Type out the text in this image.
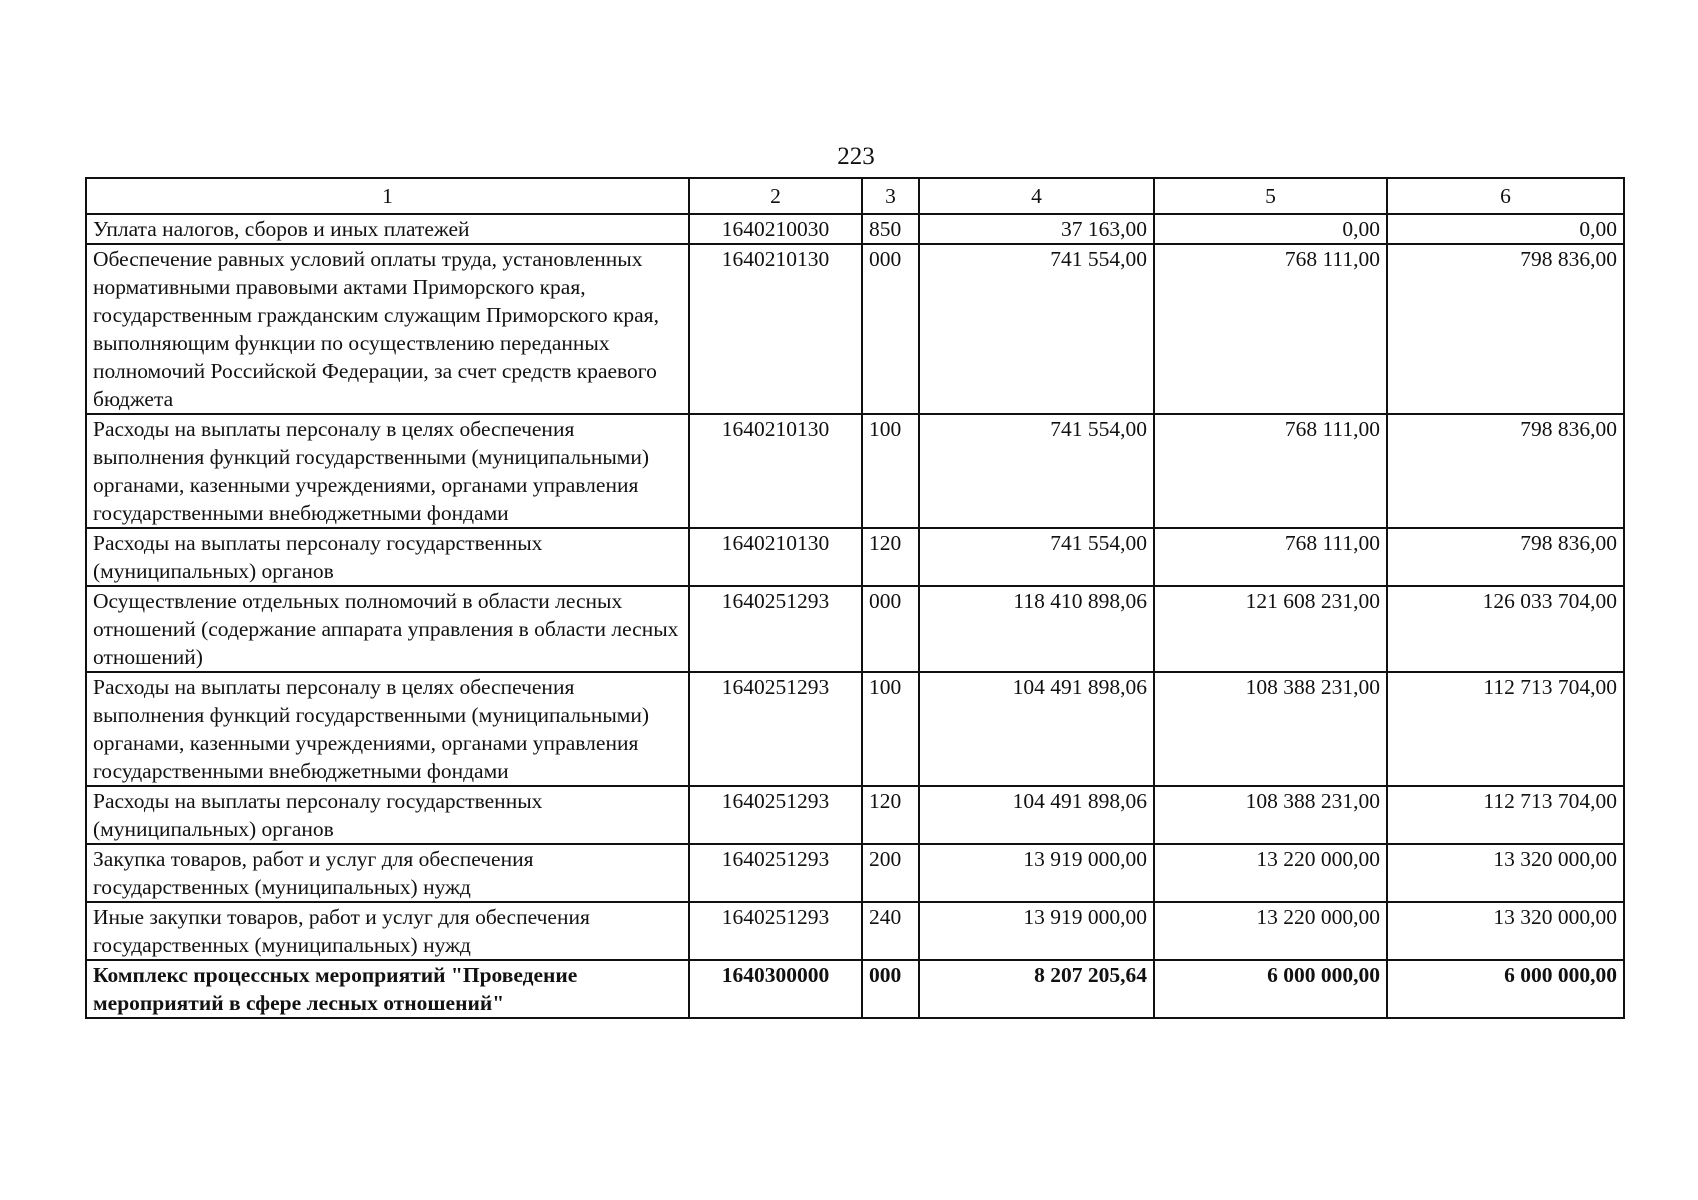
223
1	2	3	4	5	6
Уплата налогов, сборов и иных платежей	1640210030	850	37 163,00	0,00	0,00
Обеспечение равных условий оплаты труда, установленных нормативными правовыми актами Приморского края, государственным гражданским служащим Приморского края, выполняющим функции по осуществлению переданных полномочий Российской Федерации, за счет средств краевого бюджета	1640210130	000	741 554,00	768 111,00	798 836,00
Расходы на выплаты персоналу в целях обеспечения выполнения функций государственными (муниципальными) органами, казенными учреждениями, органами управления государственными внебюджетными фондами	1640210130	100	741 554,00	768 111,00	798 836,00
Расходы на выплаты персоналу государственных (муниципальных) органов	1640210130	120	741 554,00	768 111,00	798 836,00
Осуществление отдельных полномочий в области лесных отношений (содержание аппарата управления в области лесных отношений)	1640251293	000	118 410 898,06	121 608 231,00	126 033 704,00
Расходы на выплаты персоналу в целях обеспечения выполнения функций государственными (муниципальными) органами, казенными учреждениями, органами управления государственными внебюджетными фондами	1640251293	100	104 491 898,06	108 388 231,00	112 713 704,00
Расходы на выплаты персоналу государственных (муниципальных) органов	1640251293	120	104 491 898,06	108 388 231,00	112 713 704,00
Закупка товаров, работ и услуг для обеспечения государственных (муниципальных) нужд	1640251293	200	13 919 000,00	13 220 000,00	13 320 000,00
Иные закупки товаров, работ и услуг для обеспечения государственных (муниципальных) нужд	1640251293	240	13 919 000,00	13 220 000,00	13 320 000,00
Комплекс процессных мероприятий "Проведение мероприятий в сфере лесных отношений"	1640300000	000	8 207 205,64	6 000 000,00	6 000 000,00
